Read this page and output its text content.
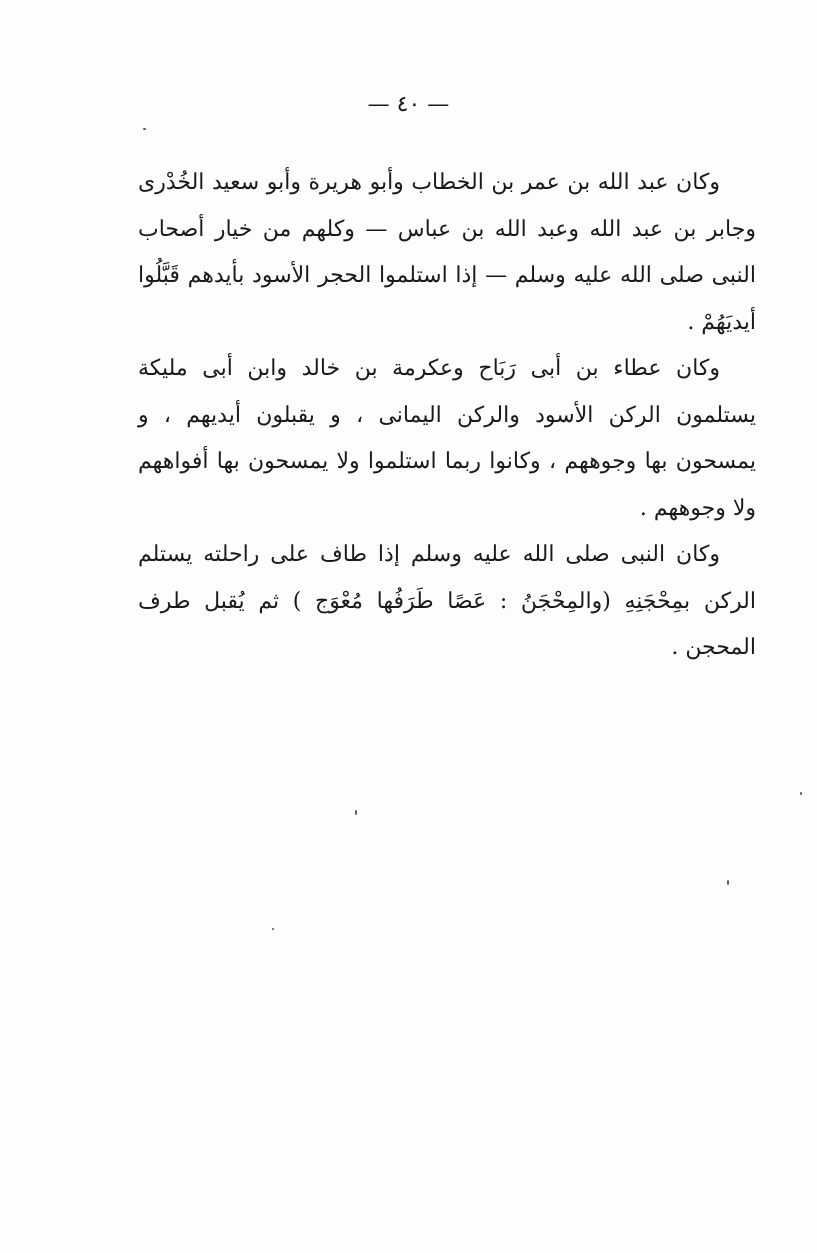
— ٤٠ —

وكان عبد الله بن عمر بن الخطاب وأبو هريرة وأبو سعيد الخُدْرى وجابر بن عبد الله وعبد الله بن عباس — وكلهم من خيار أصحاب النبى صلى الله عليه وسلم — إذا استلموا الحجر الأسود بأيدهم قَبَّلُوا أيديَهُمْ .

وكان عطاء بن أبى رَبَاح وعكرمة بن خالد وابن أبى مليكة يستلمون الركن الأسود والركن اليمانى ، و يقبلون أيديهم ، و يمسحون بها وجوههم ، وكانوا ربما استلموا ولا يمسحون بها أفواههم ولا وجوههم .

وكان النبى صلى الله عليه وسلم إذا طاف على راحلته يستلم الركن بمِحْجَنِهِ (والمِحْجَنُ : عَصًا طَرَفُها مُعْوَج ) ثم يُقبل طرف المحجن .
